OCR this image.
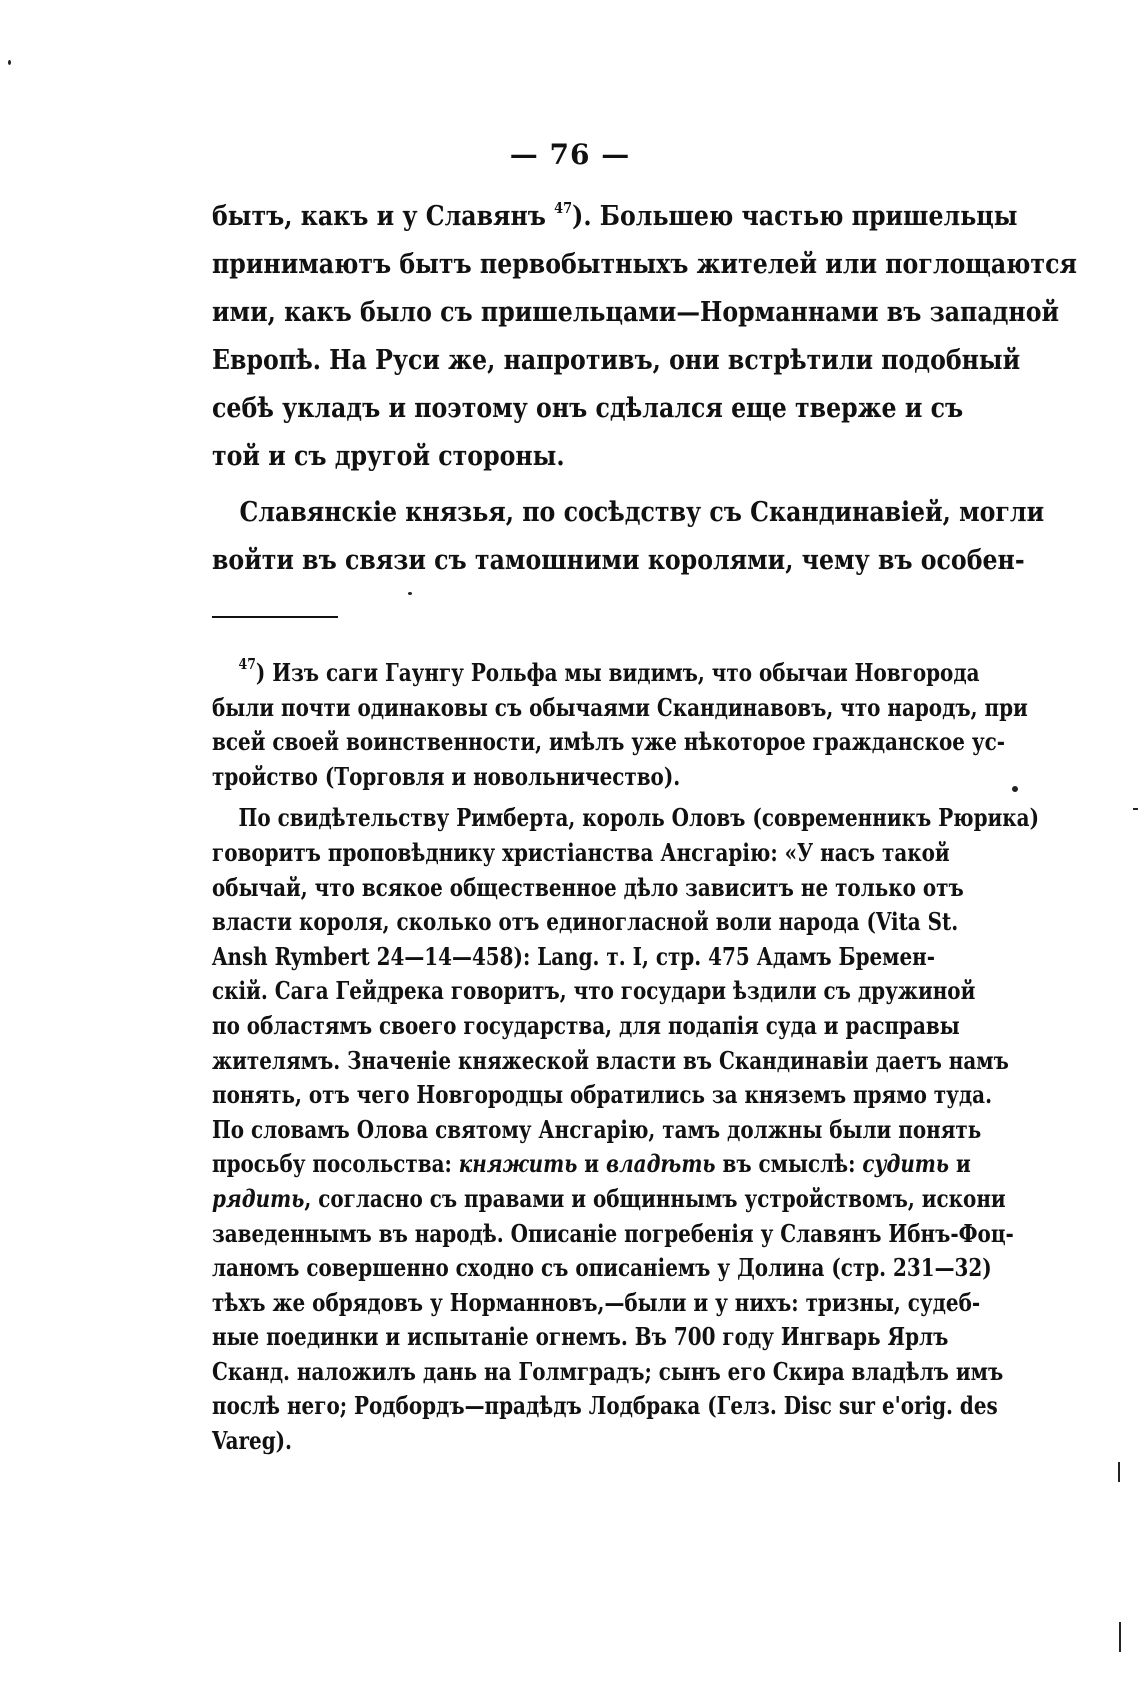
— 76 —
бытъ, какъ и у Славянъ $^{47}$). Большею частью пришельцы
принимаютъ бытъ первобытныхъ жителей или поглощаются
ими, какъ было съ пришельцами—Норманнами въ западной
Европѣ. На Руси же, напротивъ, они встрѣтили подобный
себѣ укладъ и поэтому онъ сдѣлался еще тверже и съ
той и съ другой стороны.
Славянскіе князья, по сосѣдству съ Скандинавіей, могли
войти въ связи съ тамошними королями, чему въ особен-
$^{47}$) Изъ саги Гаунгу Рольфа мы видимъ, что обычаи Новгорода
были почти одинаковы съ обычаями Скандинавовъ, что народъ, при
всей своей воинственности, имѣлъ уже нѣкоторое гражданское ус-
тройство (Торговля и новольничество).
По свидѣтельству Римберта, король Оловъ (современникъ Рюрика)
говоритъ проповѣднику христіанства Ансгарію: «У насъ такой
обычай, что всякое общественное дѣло зависитъ не только отъ
власти короля, сколько отъ единогласной воли народа (Vita St.
Ansh Rymbert 24—14—458): Lang. т. I, стр. 475 Адамъ Бремен-
скій. Сага Гейдрека говоритъ, что государи ѣздили съ дружиной
по областямъ своего государства, для подапія суда и расправы
жителямъ. Значеніе княжеской власти въ Скандинавіи даетъ намъ
понять, отъ чего Новгородцы обратились за княземъ прямо туда.
По словамъ Олова святому Ансгарію, тамъ должны были понять
просьбу посольства: княжить и владѣть въ смыслѣ: судить и
рядить, согласно съ правами и общиннымъ устройствомъ, искони
заведеннымъ въ народѣ. Описаніе погребенія у Славянъ Ибнъ-Фоц-
ланомъ совершенно сходно съ описаніемъ у Долина (стр. 231—32)
тѣхъ же обрядовъ у Норманновъ,—были и у нихъ: тризны, судеб-
ные поединки и испытаніе огнемъ. Въ 700 году Ингварь Ярлъ
Сканд. наложилъ дань на Голмградъ; сынъ его Скира владѣлъ имъ
послѣ него; Родбордъ—прадѣдъ Лодбрака (Гелз. Disc sur e'orig. des
Vareg).
